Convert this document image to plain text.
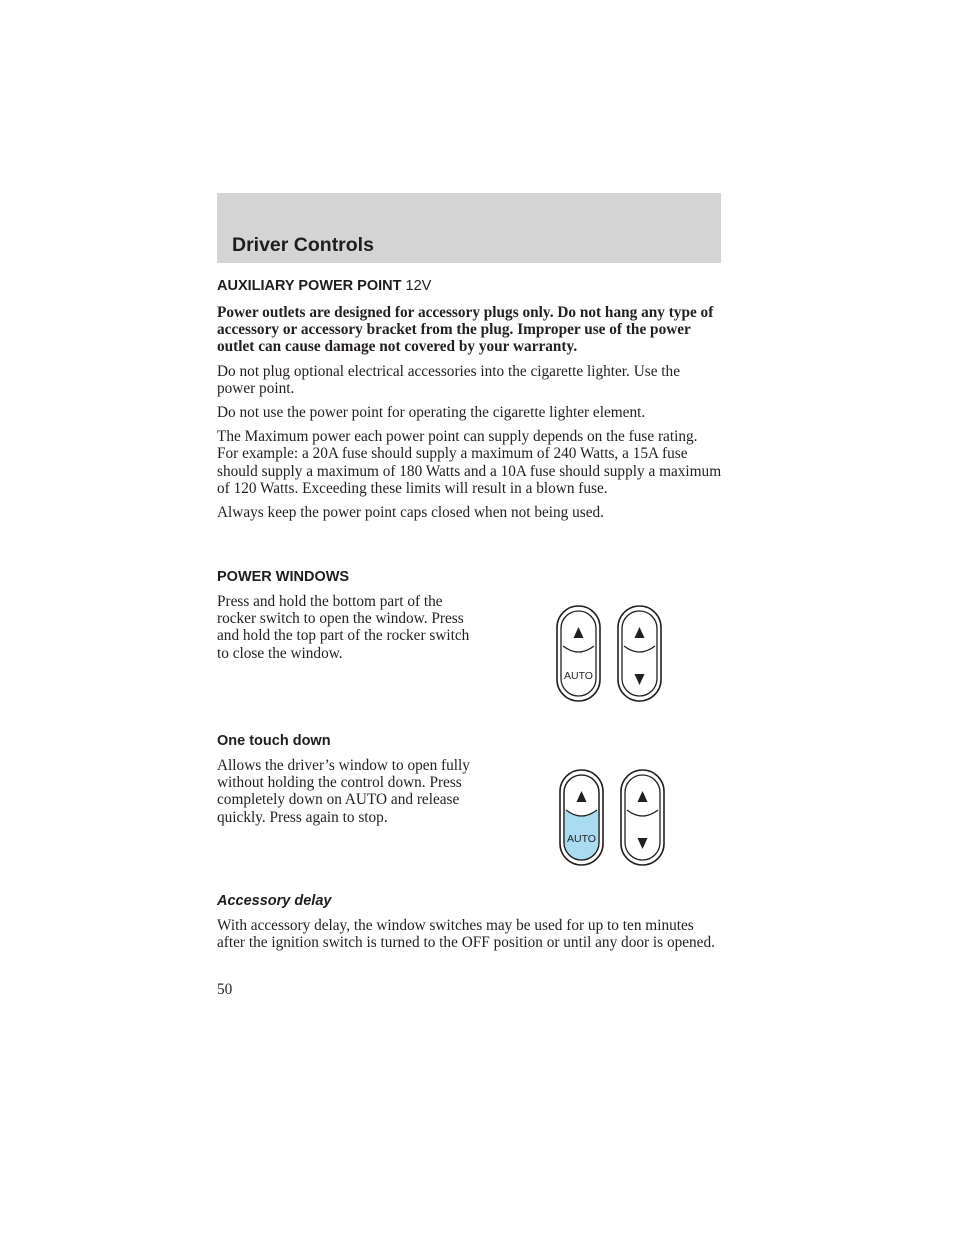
Driver Controls
AUXILIARY POWER POINT 12V

Power outlets are designed for accessory plugs only. Do not hang any type of accessory or accessory bracket from the plug. Improper use of the power outlet can cause damage not covered by your warranty.

Do not plug optional electrical accessories into the cigarette lighter. Use the power point.

Do not use the power point for operating the cigarette lighter element.

The Maximum power each power point can supply depends on the fuse rating. For example: a 20A fuse should supply a maximum of 240 Watts, a 15A fuse should supply a maximum of 180 Watts and a 10A fuse should supply a maximum of 120 Watts. Exceeding these limits will result in a blown fuse.

Always keep the power point caps closed when not being used.

POWER WINDOWS

Press and hold the bottom part of the rocker switch to open the window. Press and hold the top part of the rocker switch to close the window.

AUTO
One touch down

Allows the driver’s window to open fully without holding the control down. Press completely down on AUTO and release quickly. Press again to stop.

AUTO
Accessory delay

With accessory delay, the window switches may be used for up to ten minutes after the ignition switch is turned to the OFF position or until any door is opened.

50
